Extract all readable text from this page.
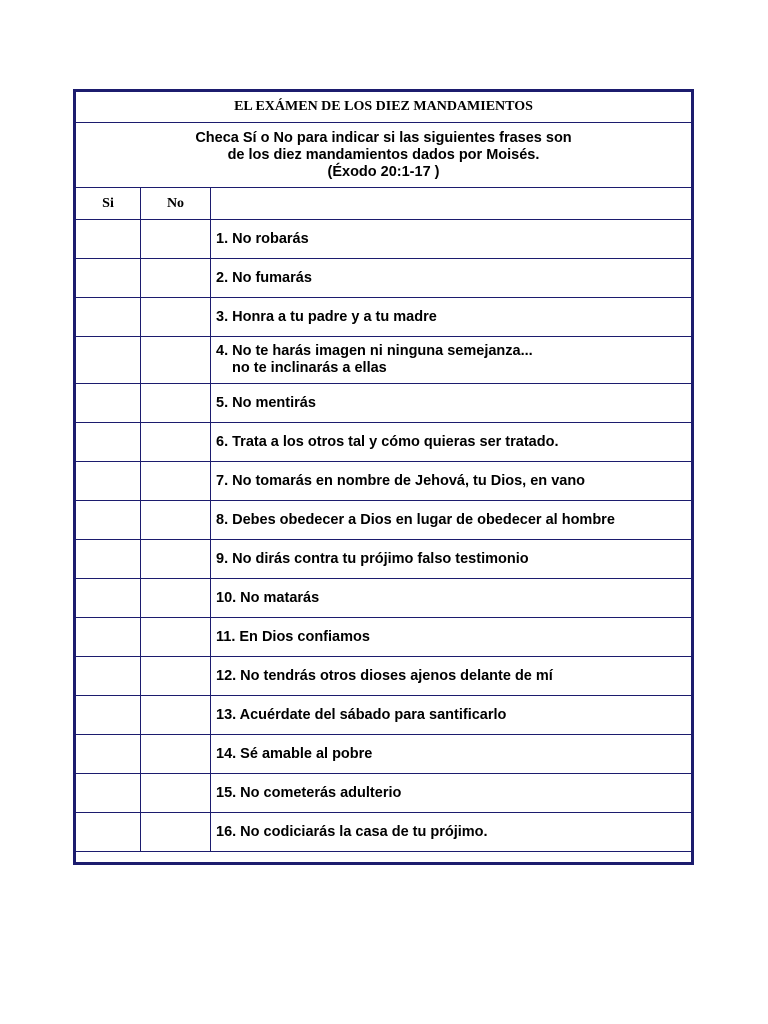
EL EXÁMEN DE LOS DIEZ MANDAMIENTOS		

Checa Sí o No para indicar si las siguientes frases son
de los diez mandamientos dados por Moisés.
(Éxodo 20:1-17 )		

Si	No	
		1. No robarás
		2. No fumarás
		3. Honra a tu padre y a tu madre
		4. No te harás imagen ni ninguna semejanza...
no te inclinarás a ellas

		5. No mentirás
		6. Trata a los otros tal y cómo quieras ser tratado.
		7. No tomarás en nombre de Jehová, tu Dios, en vano
		8. Debes obedecer a Dios en lugar de obedecer al hombre
		9. No dirás contra tu prójimo falso testimonio
		10. No matarás
		11. En Dios confiamos
		12. No tendrás otros dioses ajenos delante de mí
		13. Acuérdate del sábado para santificarlo
		14. Sé amable al pobre
		15. No cometerás adulterio
		16. No codiciarás la casa de tu prójimo.
